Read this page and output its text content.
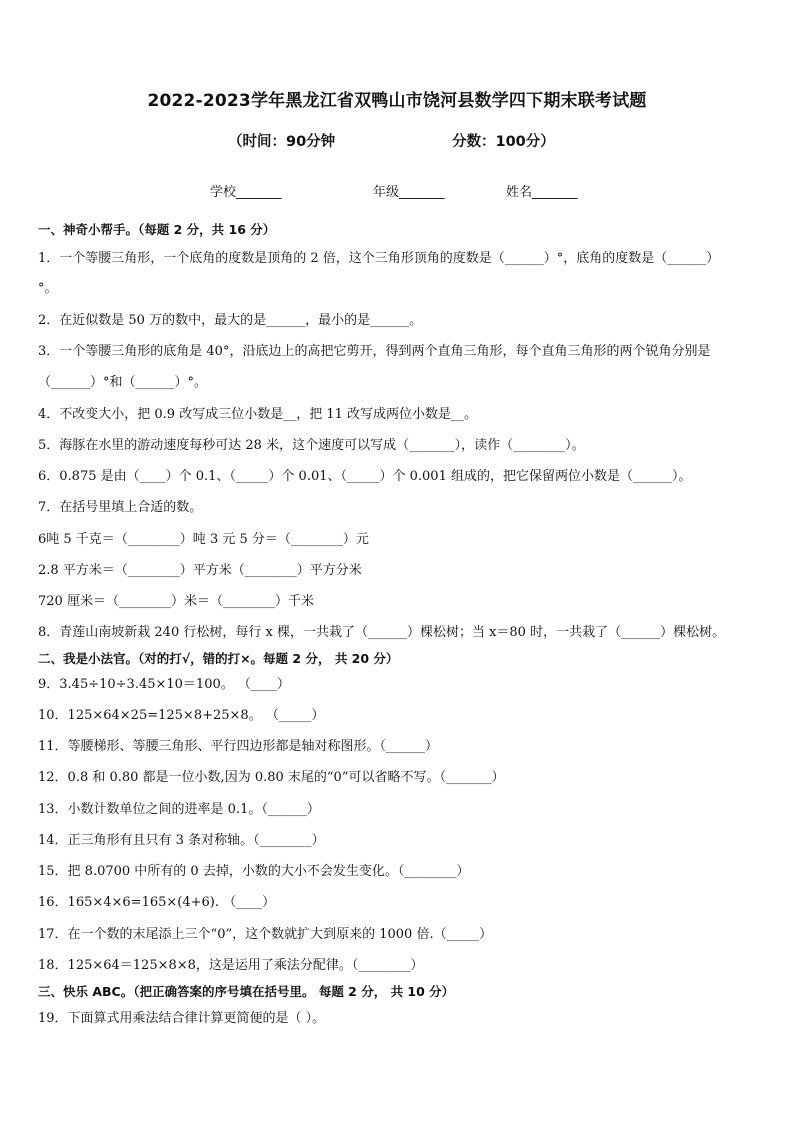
2022-2023学年黑龙江省双鸭山市饶河县数学四下期末联考试题
（时间：90分钟	分数：100分）
学校_______	年级_______	姓名_______
一、神奇小帮手。（每题 2 分，共 16 分）
1．一个等腰三角形，一个底角的度数是顶角的 2 倍，这个三角形顶角的度数是（______）°，底角的度数是（______）
°。
2．在近似数是 50 万的数中，最大的是______，最小的是______。
3．一个等腰三角形的底角是 40°，沿底边上的高把它剪开，得到两个直角三角形，每个直角三角形的两个锐角分别是
（______）°和（______）°。
4．不改变大小，把 0.9 改写成三位小数是__，把 11 改写成两位小数是__。
5．海豚在水里的游动速度每秒可达 28 米，这个速度可以写成（_______），读作（________）。
6．0.875 是由（____）个 0.1、（_____）个 0.01、（_____）个 0.001 组成的，把它保留两位小数是（______）。
7．在括号里填上合适的数。
6吨 5 千克＝（________）吨 3 元 5 分＝（________）元
2.8 平方米＝（________）平方米（________）平方分米
720 厘米＝（________）米＝（________）千米
8．青莲山南坡新栽 240 行松树，每行 x 棵，一共栽了（______）棵松树；当 x＝80 时，一共栽了（______）棵松树。
二、我是小法官。（对的打√，错的打×。每题 2 分， 共 20 分）
9．3.45÷10÷3.45×10＝100。 （____）
10．125×64×25=125×8+25×8。 （_____）
11．等腰梯形、等腰三角形、平行四边形都是轴对称图形。（______）
12．0.8 和 0.80 都是一位小数,因为 0.80 末尾的“0”可以省略不写。（_______）
13．小数计数单位之间的进率是 0.1。（______）
14．正三角形有且只有 3 条对称轴。（________）
15．把 8.0700 中所有的 0 去掉，小数的大小不会发生变化。（________）
16．165×4×6=165×(4+6). （____）
17．在一个数的末尾添上三个“0”，这个数就扩大到原来的 1000 倍.（_____）
18．125×64＝125×8×8，这是运用了乘法分配律。（________）
三、快乐 ABC。（把正确答案的序号填在括号里。 每题 2 分， 共 10 分）
19．下面算式用乘法结合律计算更简便的是（ ）。
